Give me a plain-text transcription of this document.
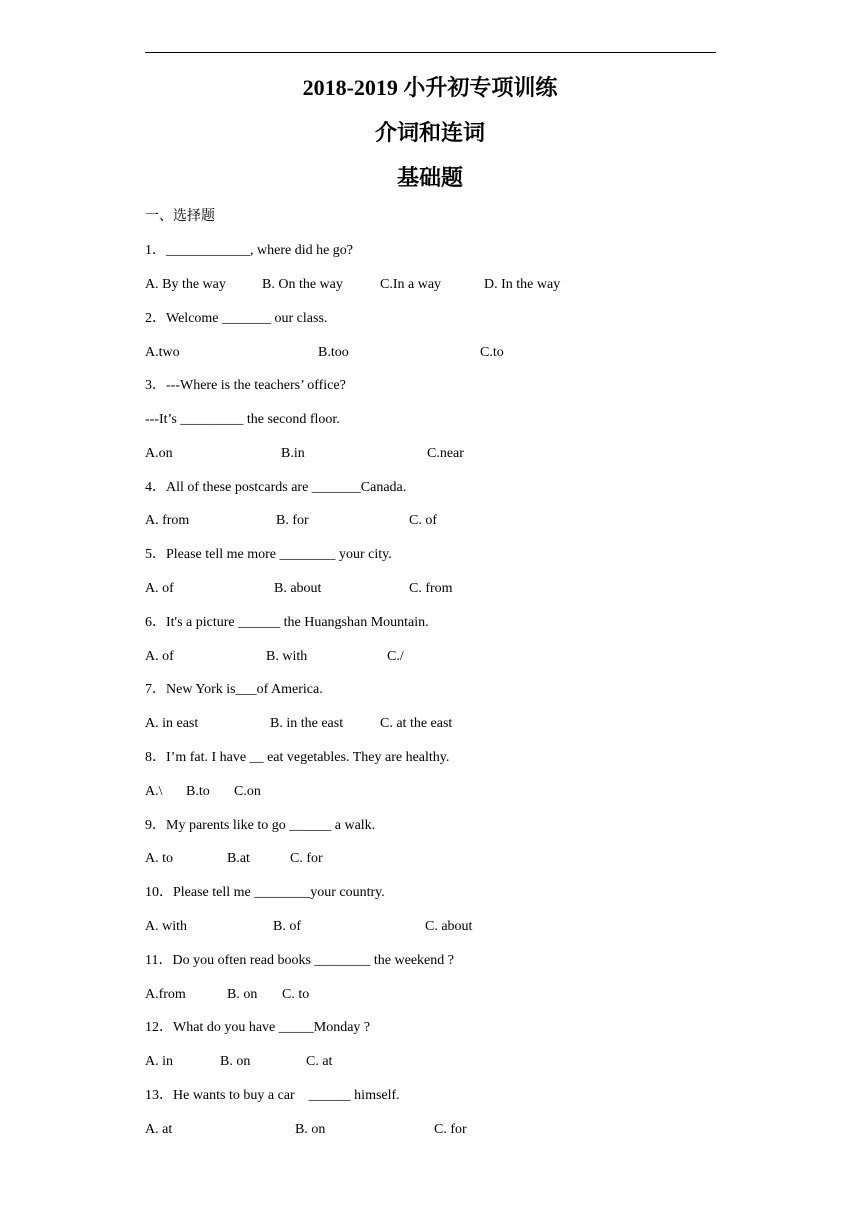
2018-2019 小升初专项训练
介词和连词
基础题
一、选择题
1．____________, where did he go?
A. By the way	B. On the way	C.In a way	D. In the way
2．Welcome _______ our class.
A.two	B.too	C.to
3．---Where is the teachers’ office?
---It’s _________ the second floor.
A.on	B.in	C.near
4．All of these postcards are _______Canada.
A. from	B. for	C. of
5．Please tell me more ________ your city.
A. of	B. about	C. from
6．It's a picture ______ the Huangshan Mountain.
A. of	B. with	C./
7．New York is___of America.
A. in east	B. in the east	C. at the east
8．I’m fat. I have __ eat vegetables. They are healthy.
A.\ B.to C.on
9．My parents like to go ______ a walk.
A. to	B.at	C. for
10．Please tell me ________your country.
A. with	B. of	C. about
11．Do you often read books ________ the weekend ?
A.from	B. on C. to
12．What do you have _____Monday ?
A. in	B. on	C. at
13．He wants to buy a car    ______ himself.
A. at	B. on	C. for
